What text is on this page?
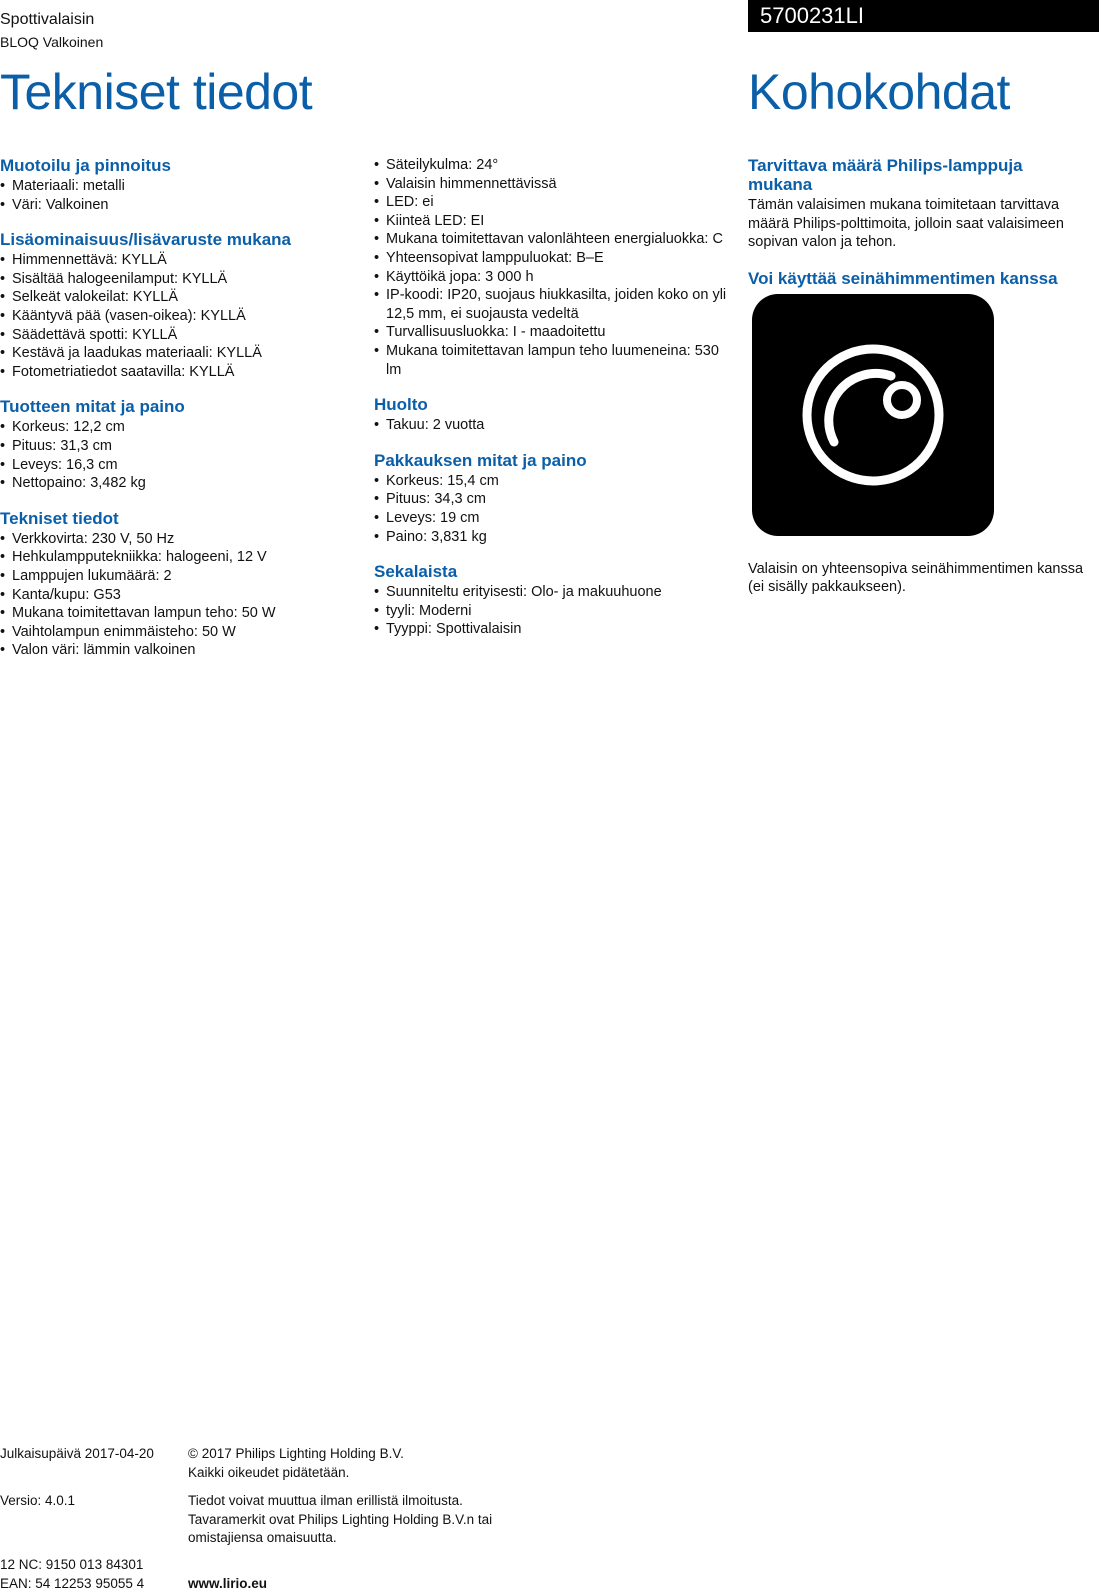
Spottivalaisin
BLOQ Valkoinen
5700231LI
Tekniset tiedot	Kohokohdat
Muotoilu ja pinnoitus
• Materiaali: metalli
• Väri: Valkoinen
Lisäominaisuus/lisävaruste mukana
• Himmennettävä: KYLLÄ
• Sisältää halogeenilamput: KYLLÄ
• Selkeät valokeilat: KYLLÄ
• Kääntyvä pää (vasen-oikea): KYLLÄ
• Säädettävä spotti: KYLLÄ
• Kestävä ja laadukas materiaali: KYLLÄ
• Fotometriatiedot saatavilla: KYLLÄ
Tuotteen mitat ja paino
• Korkeus: 12,2 cm
• Pituus: 31,3 cm
• Leveys: 16,3 cm
• Nettopaino: 3,482 kg
Tekniset tiedot
• Verkkovirta: 230 V, 50 Hz
• Hehkulampputekniikka: halogeeni, 12 V
• Lamppujen lukumäärä: 2
• Kanta/kupu: G53
• Mukana toimitettavan lampun teho: 50 W
• Vaihtolampun enimmäisteho: 50 W
• Valon väri: lämmin valkoinen
• Säteilykulma: 24°
• Valaisin himmennettävissä
• LED: ei
• Kiinteä LED: EI
• Mukana toimitettavan valonlähteen energialuokka: C
• Yhteensopivat lamppuluokat: B–E
• Käyttöikä jopa: 3 000 h
• IP-koodi: IP20, suojaus hiukkasilta, joiden koko on yli 12,5 mm, ei suojausta vedeltä
• Turvallisuusluokka: I - maadoitettu
• Mukana toimitettavan lampun teho luumeneina: 530 lm
Huolto
• Takuu: 2 vuotta
Pakkauksen mitat ja paino
• Korkeus: 15,4 cm
• Pituus: 34,3 cm
• Leveys: 19 cm
• Paino: 3,831 kg
Sekalaista
• Suunniteltu erityisesti: Olo- ja makuuhuone
• tyyli: Moderni
• Tyyppi: Spottivalaisin
Tarvittava määrä Philips-lamppuja mukana

Tämän valaisimen mukana toimitetaan tarvittava määrä Philips-polttimoita, jolloin saat valaisimeen sopivan valon ja tehon.

Voi käyttää seinähimmentimen kanssa

Valaisin on yhteensopiva seinähimmentimen kanssa (ei sisälly pakkaukseen).

Julkaisupäivä 2017-04-20	© 2017 Philips Lighting Holding B.V.
Kaikki oikeudet pidätetään.
Versio: 4.0.1	Tiedot voivat muuttua ilman erillistä ilmoitusta.
Tavaramerkit ovat Philips Lighting Holding B.V.n tai
omistajiensa omaisuutta.
12 NC: 9150 013 84301
EAN: 54 12253 95055 4	www.lirio.eu
